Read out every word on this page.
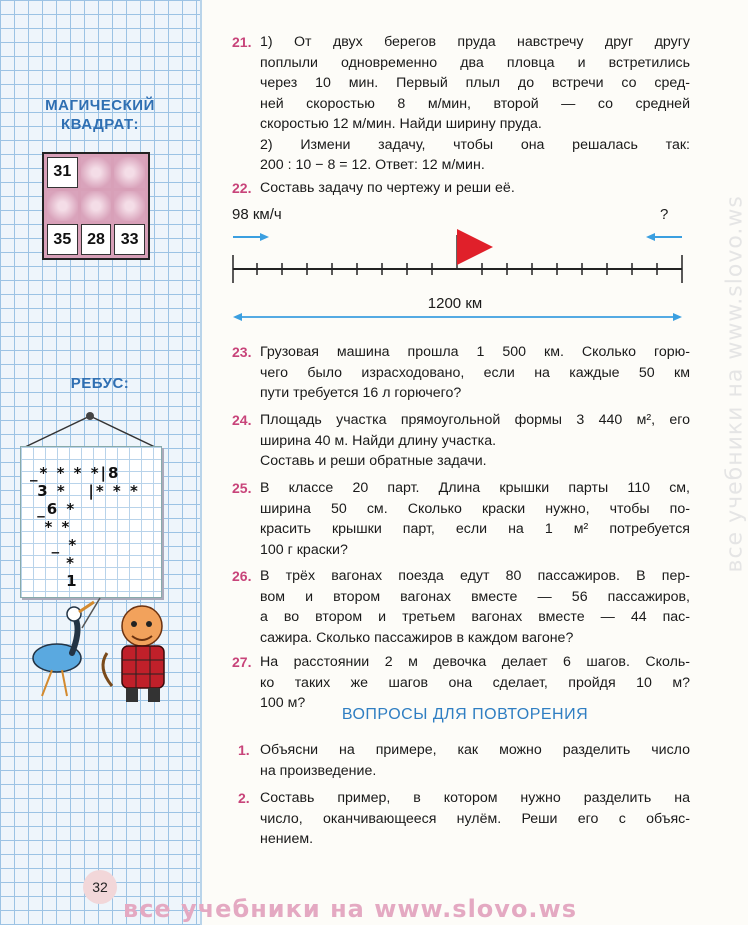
МАГИЧЕСКИЙ
КВАДРАТ:
31
35 28 33
РЕБУС:
_* * * *|8
3 *   |* * *
_6 *
* *
_ *
*
1
32
21. 1) От двух берегов пруда навстречу друг другу
поплыли одновременно два пловца и встретились
через 10 мин. Первый плыл до встречи со сред-
ней скоростью 8 м/мин, второй — со средней
скоростью 12 м/мин. Найди ширину пруда.
2) Измени задачу, чтобы она решалась так:
200 : 10 − 8 = 12. Ответ: 12 м/мин.
22. Составь задачу по чертежу и реши её.
98 км/ч	?
1200 км
23. Грузовая машина прошла 1 500 км. Сколько горю-
чего было израсходовано, если на каждые 50 км
пути требуется 16 л горючего?
24. Площадь участка прямоугольной формы 3 440 м², его
ширина 40 м. Найди длину участка.
Составь и реши обратные задачи.
25. В классе 20 парт. Длина крышки парты 110 см,
ширина 50 см. Сколько краски нужно, чтобы по-
красить крышки парт, если на 1 м² потребуется
100 г краски?
26. В трёх вагонах поезда едут 80 пассажиров. В пер-
вом и втором вагонах вместе — 56 пассажиров,
а во втором и третьем вагонах вместе — 44 пас-
сажира. Сколько пассажиров в каждом вагоне?
27. На расстоянии 2 м девочка делает 6 шагов. Сколь-
ко таких же шагов она сделает, пройдя 10 м?
100 м?
ВОПРОСЫ ДЛЯ ПОВТОРЕНИЯ
1. Объясни на примере, как можно разделить число
на произведение.
2. Составь пример, в котором нужно разделить на
число, оканчивающееся нулём. Реши его с объяс-
нением.
все учебники на www.slovo.ws
все учебники на www.slovo.ws
